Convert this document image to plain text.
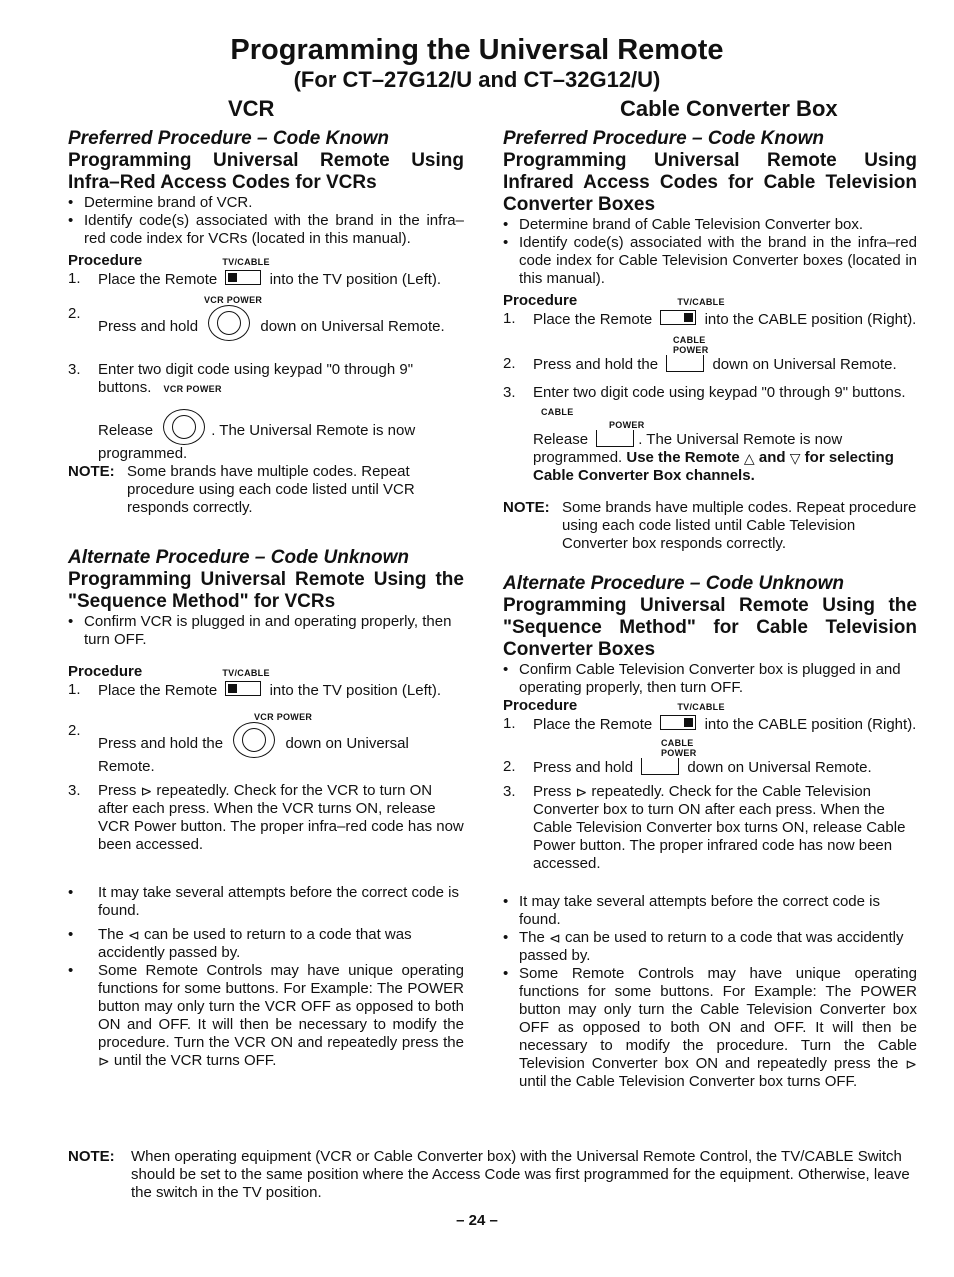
Programming the Universal Remote
(For CT–27G12/U and CT–32G12/U)
VCR	Cable Converter Box

Preferred Procedure – Code Known

Programming Universal Remote Using Infra–Red Access Codes for VCRs

• Determine brand of VCR.

• Identify code(s) associated with the brand in the infra–red code index for VCRs (located in this manual).

Procedure	TV/CABLE

1. Place the Remote	into the TV position (Left).

VCR POWER

2.
Press and hold	down on Universal Remote.

3. Enter two digit code using keypad "0 through 9" buttons. VCR POWER

Release	. The Universal Remote is now programmed.

NOTE: Some brands have multiple codes. Repeat procedure using each code listed until VCR responds correctly.

Alternate Procedure – Code Unknown

Programming Universal Remote Using the "Sequence Method" for VCRs

• Confirm VCR is plugged in and operating properly, then turn OFF.

Procedure	TV/CABLE

1. Place the Remote	into the TV position (Left).

VCR POWER

2.
Press and hold the	down on Universal Remote.

3. Press ⊳ repeatedly. Check for the VCR to turn ON after each press. When the VCR turns ON, release VCR Power button. The proper infra–red code has now been accessed.

• It may take several attempts before the correct code is found.

• The ⊲ can be used to return to a code that was accidently passed by.

• Some Remote Controls may have unique operating functions for some buttons. For Example: The POWER button may only turn the VCR OFF as opposed to both ON and OFF. It will then be necessary to modify the procedure. Turn the VCR ON and repeatedly press the ⊳ until the VCR turns OFF.

Preferred Procedure – Code Known

Programming Universal Remote Using Infrared Access Codes for Cable Television Converter Boxes

• Determine brand of Cable Television Converter box.

• Identify code(s) associated with the brand in the infra–red code index for Cable Television Converter boxes (located in this manual).

Procedure	TV/CABLE

1. Place the Remote	into the CABLE position (Right).

CABLE
POWER

2. Press and hold the	down on Universal Remote.

3. Enter two digit code using keypad "0 through 9" buttons. CABLE

POWER

Release	. The Universal Remote is now programmed. Use the Remote △ and ▽ for selecting Cable Converter Box channels.

NOTE: Some brands have multiple codes. Repeat procedure using each code listed until Cable Television Converter box responds correctly.

Alternate Procedure – Code Unknown

Programming Universal Remote Using the "Sequence Method" for Cable Television Converter Boxes

• Confirm Cable Television Converter box is plugged in and operating properly, then turn OFF.

Procedure	TV/CABLE

1. Place the Remote	into the CABLE position (Right).

CABLE
POWER

2. Press and hold	down on Universal Remote.

3. Press ⊳ repeatedly. Check for the Cable Television Converter box to turn ON after each press. When the Cable Television Converter box turns ON, release Cable Power button. The proper infrared code has now been accessed.

• It may take several attempts before the correct code is found.

• The ⊲ can be used to return to a code that was accidently passed by.

• Some Remote Controls may have unique operating functions for some buttons. For Example: The POWER button may only turn the Cable Television Converter box OFF as opposed to both ON and OFF. It will then be necessary to modify the procedure. Turn the Cable Television Converter box ON and repeatedly press the ⊳ until the Cable Television Converter box turns OFF.

NOTE: When operating equipment (VCR or Cable Converter box) with the Universal Remote Control, the TV/CABLE Switch should be set to the same position where the Access Code was first programmed for the equipment. Otherwise, leave the switch in the TV position.
– 24 –
